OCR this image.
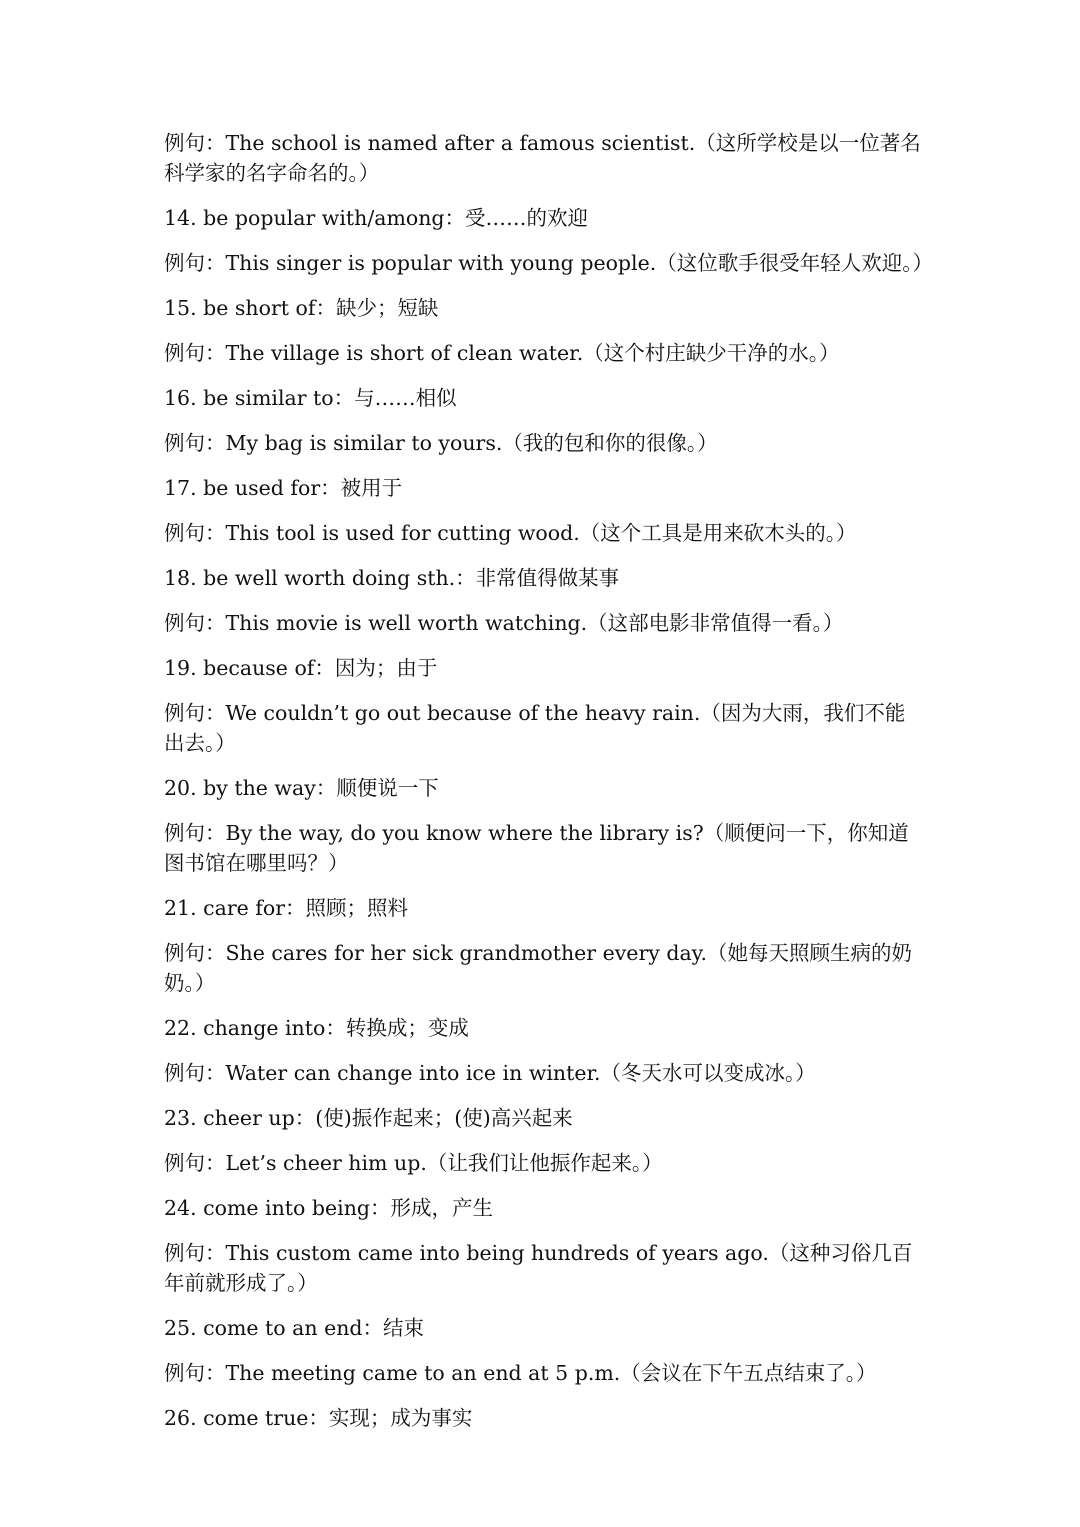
例句：The school is named after a famous scientist.（这所学校是以一位著名科学家的名字命名的。）

14. be popular with/among：受……的欢迎

例句：This singer is popular with young people.（这位歌手很受年轻人欢迎。）

15. be short of：缺少；短缺

例句：The village is short of clean water.（这个村庄缺少干净的水。）

16. be similar to：与……相似

例句：My bag is similar to yours.（我的包和你的很像。）

17. be used for：被用于

例句：This tool is used for cutting wood.（这个工具是用来砍木头的。）

18. be well worth doing sth.：非常值得做某事

例句：This movie is well worth watching.（这部电影非常值得一看。）

19. because of：因为；由于

例句：We couldn’t go out because of the heavy rain.（因为大雨，我们不能出去。）

20. by the way：顺便说一下

例句：By the way, do you know where the library is?（顺便问一下，你知道图书馆在哪里吗？）

21. care for：照顾；照料

例句：She cares for her sick grandmother every day.（她每天照顾生病的奶奶。）

22. change into：转换成；变成

例句：Water can change into ice in winter.（冬天水可以变成冰。）

23. cheer up：(使)振作起来；(使)高兴起来

例句：Let’s cheer him up.（让我们让他振作起来。）

24. come into being：形成，产生

例句：This custom came into being hundreds of years ago.（这种习俗几百年前就形成了。）

25. come to an end：结束

例句：The meeting came to an end at 5 p.m.（会议在下午五点结束了。）

26. come true：实现；成为事实
